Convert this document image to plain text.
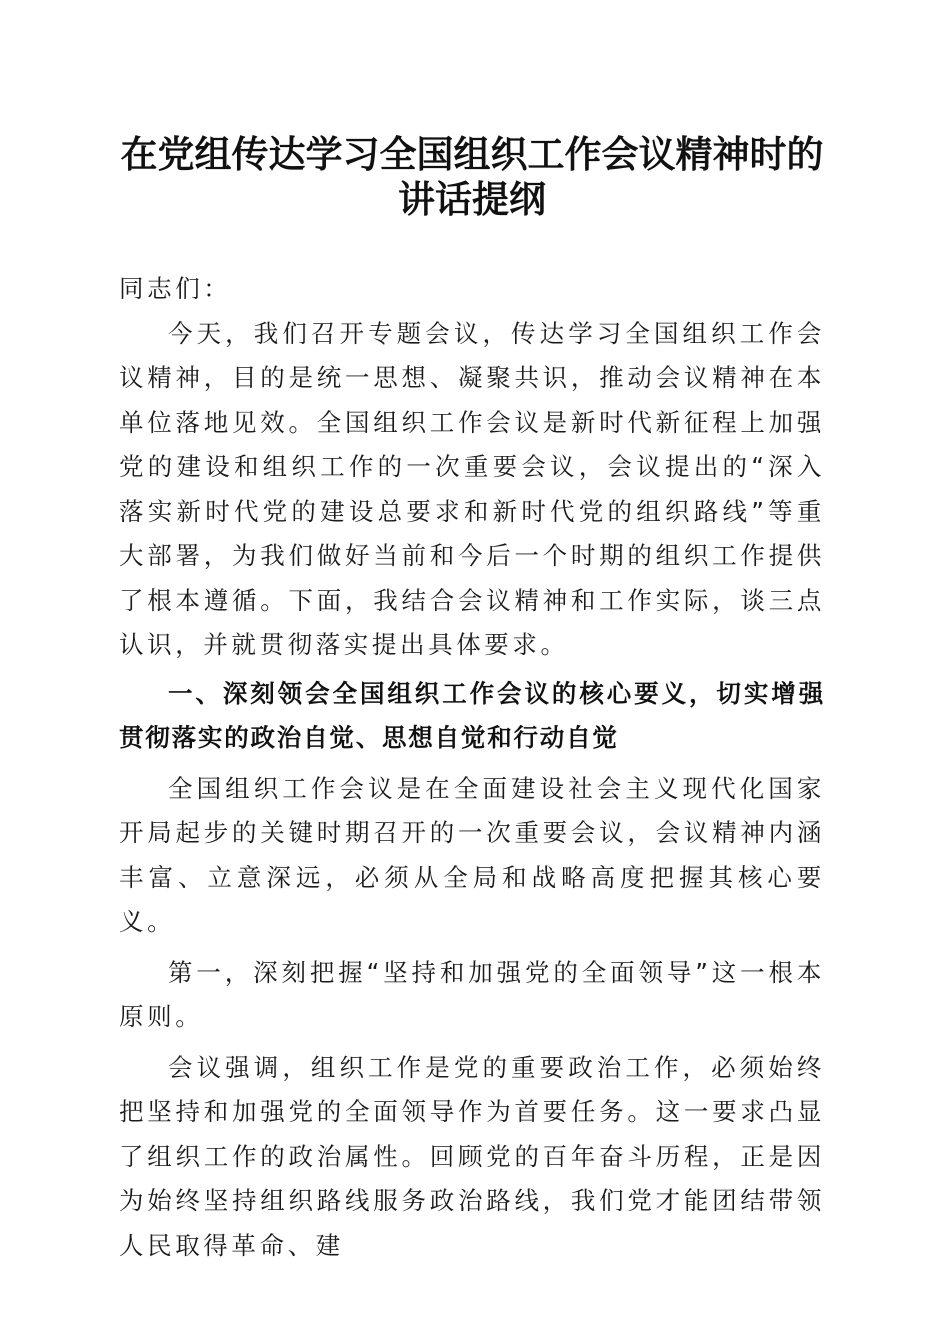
在党组传达学习全国组织工作会议精神时的讲话提纲

同志们：

今天，我们召开专题会议，传达学习全国组织工作会议精神，目的是统一思想、凝聚共识，推动会议精神在本单位落地见效。全国组织工作会议是新时代新征程上加强党的建设和组织工作的一次重要会议，会议提出的“深入落实新时代党的建设总要求和新时代党的组织路线”等重大部署，为我们做好当前和今后一个时期的组织工作提供了根本遵循。下面，我结合会议精神和工作实际，谈三点认识，并就贯彻落实提出具体要求。

一、深刻领会全国组织工作会议的核心要义，切实增强贯彻落实的政治自觉、思想自觉和行动自觉

全国组织工作会议是在全面建设社会主义现代化国家开局起步的关键时期召开的一次重要会议，会议精神内涵丰富、立意深远，必须从全局和战略高度把握其核心要义。

第一，深刻把握“坚持和加强党的全面领导”这一根本原则。

会议强调，组织工作是党的重要政治工作，必须始终把坚持和加强党的全面领导作为首要任务。这一要求凸显了组织工作的政治属性。回顾党的百年奋斗历程，正是因为始终坚持组织路线服务政治路线，我们党才能团结带领人民取得革命、建
